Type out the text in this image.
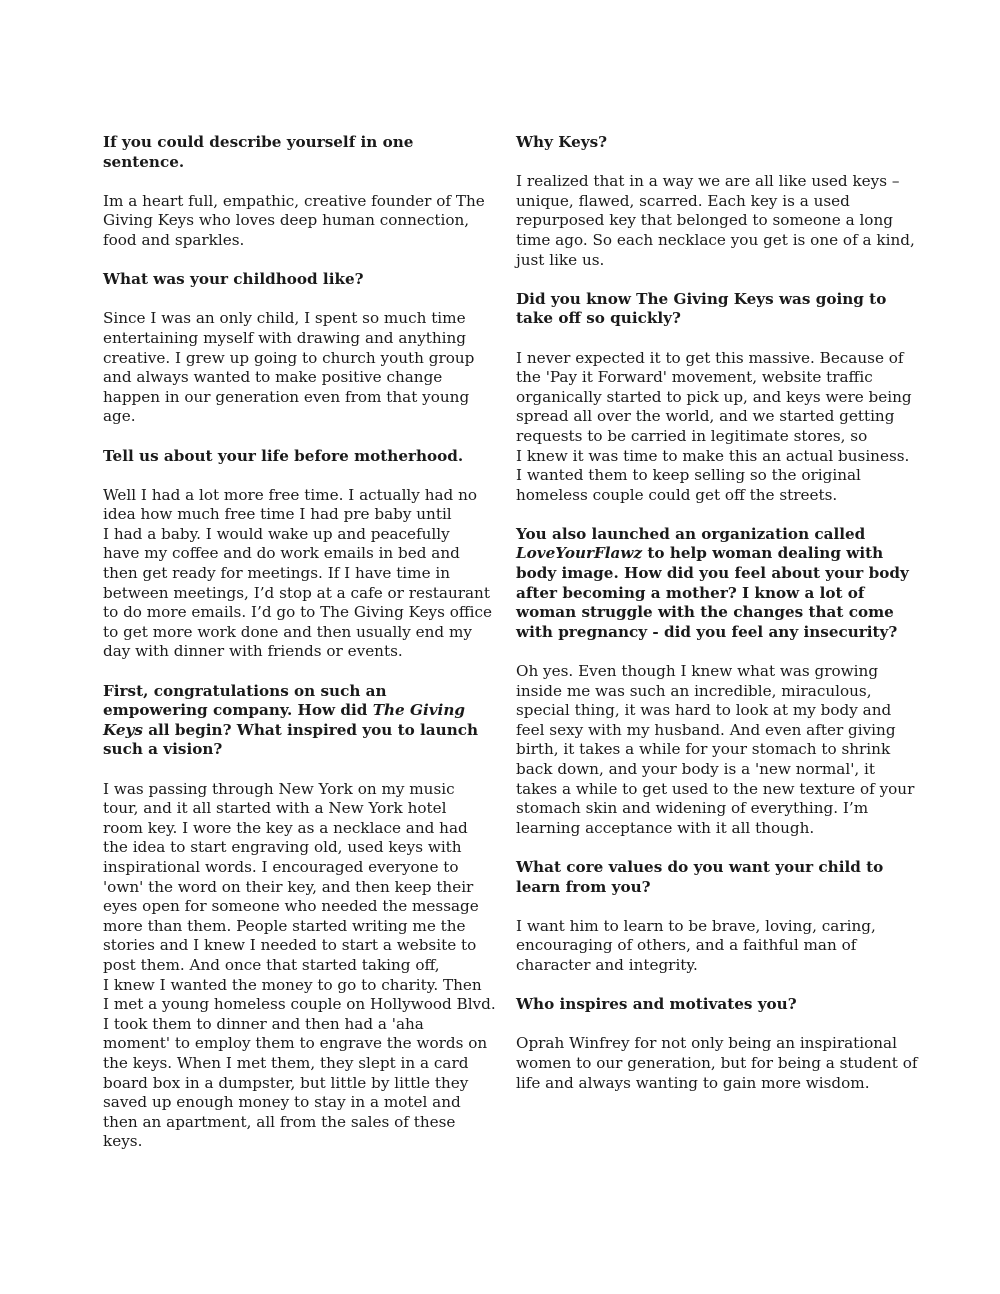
If you could describe yourself in one
sentence.
Im a heart full, empathic, creative founder of The
Giving Keys who loves deep human connection,
food and sparkles.
What was your childhood like?
Since I was an only child, I spent so much time
entertaining myself with drawing and anything
creative. I grew up going to church youth group
and always wanted to make positive change
happen in our generation even from that young
age.
Tell us about your life before motherhood.
Well I had a lot more free time. I actually had no
idea how much free time I had pre baby until
I had a baby. I would wake up and peacefully
have my coffee and do work emails in bed and
then get ready for meetings. If I have time in
between meetings, I’d stop at a cafe or restaurant
to do more emails. I’d go to The Giving Keys office
to get more work done and then usually end my
day with dinner with friends or events.
First, congratulations on such an
empowering company. How did The Giving
Keys all begin? What inspired you to launch
such a vision?
I was passing through New York on my music
tour, and it all started with a New York hotel
room key. I wore the key as a necklace and had
the idea to start engraving old, used keys with
inspirational words. I encouraged everyone to
'own' the word on their key, and then keep their
eyes open for someone who needed the message
more than them. People started writing me the
stories and I knew I needed to start a website to
post them. And once that started taking off,
I knew I wanted the money to go to charity. Then
I met a young homeless couple on Hollywood Blvd.
I took them to dinner and then had a 'aha
moment' to employ them to engrave the words on
the keys. When I met them, they slept in a card
board box in a dumpster, but little by little they
saved up enough money to stay in a motel and
then an apartment, all from the sales of these
keys.
Why Keys?
I realized that in a way we are all like used keys –
unique, flawed, scarred. Each key is a used
repurposed key that belonged to someone a long
time ago. So each necklace you get is one of a kind,
just like us.
Did you know The Giving Keys was going to
take off so quickly?
I never expected it to get this massive. Because of
the 'Pay it Forward' movement, website traffic
organically started to pick up, and keys were being
spread all over the world, and we started getting
requests to be carried in legitimate stores, so
I knew it was time to make this an actual business.
I wanted them to keep selling so the original
homeless couple could get off the streets.
You also launched an organization called
LoveYourFlawz to help woman dealing with
body image. How did you feel about your body
after becoming a mother? I know a lot of
woman struggle with the changes that come
with pregnancy - did you feel any insecurity?
Oh yes. Even though I knew what was growing
inside me was such an incredible, miraculous,
special thing, it was hard to look at my body and
feel sexy with my husband. And even after giving
birth, it takes a while for your stomach to shrink
back down, and your body is a 'new normal', it
takes a while to get used to the new texture of your
stomach skin and widening of everything. I’m
learning acceptance with it all though.
What core values do you want your child to
learn from you?
I want him to learn to be brave, loving, caring,
encouraging of others, and a faithful man of
character and integrity.
Who inspires and motivates you?
Oprah Winfrey for not only being an inspirational
women to our generation, but for being a student of
life and always wanting to gain more wisdom.
